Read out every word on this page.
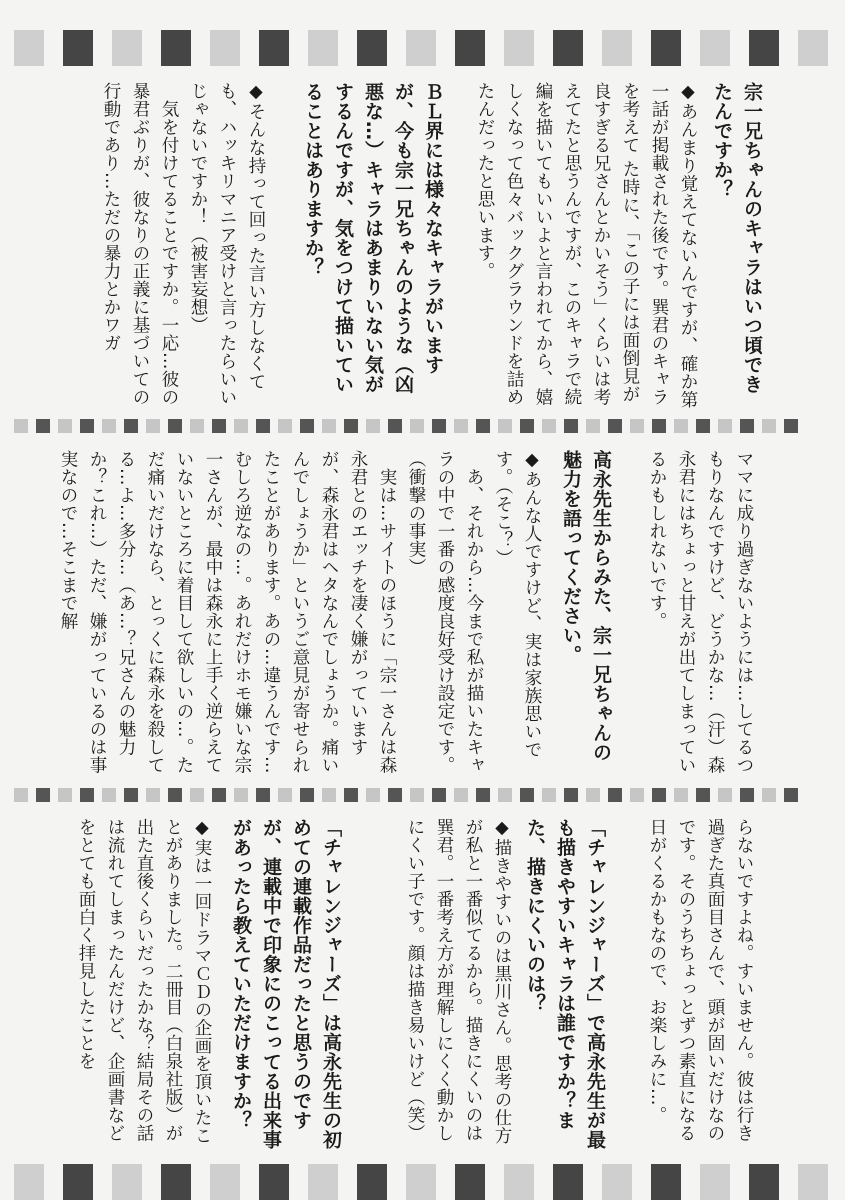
宗一兄ちゃんのキャラはいつ頃できたんですか？
◆あんまり覚えてないんですが、確か第一話が掲載された後です。巽君のキャラを考えて た時に、「この子には面倒見が良すぎる兄さんとかいそう」くらいは考えてたと思うんですが、このキャラで続編を描いてもいいよと言われてから、嬉しくなって色々バックグラウンドを詰めたんだったと思います。
ＢＬ界には様々なキャラがいますが、今も宗一兄ちゃんのような（凶悪な…）キャラはあまりいない気がするんですが、気をつけて描いていることはありますか？
◆そんな持って回った言い方しなくても、ハッキリマニア受けと言ったらいいじゃないですか！（被害妄想）
　気を付けてることですか。一応…彼の暴君ぶりが、彼なりの正義に基づいての行動であり…ただの暴力とかワガ
ママに成り過ぎないようには…してるつもりなんですけど、どうかな…（汗）森永君にはちょっと甘えが出てしまっているかもしれないです。
高永先生からみた、宗一兄ちゃんの魅力を語ってください。
◆あんな人ですけど、実は家族思いです。（そこ？）
　あ、それから…今まで私が描いたキャラの中で一番の感度良好受け設定です。（衝撃の事実）
　実は…サイトのほうに「宗一さんは森永君とのエッチを凄く嫌がっていますが、森永君はヘタなんでしょうか。痛いんでしょうか」というご意見が寄せられたことがあります。あの…違うんです…むしろ逆なの…。あれだけホモ嫌いな宗一さんが、最中は森永に上手く逆らえていないところに着目して欲しいの…。ただ痛いだけなら、とっくに森永を殺してる…よ…多分…（あ…？兄さんの魅力か？これ…）ただ、嫌がっているのは事実なので…そこまで解
らないですよね。すいません。彼は行き過ぎた真面目さんで、頭が固いだけなのです。そのうちちょっとずつ素直になる日がくるかもなので、お楽しみに…。
「チャレンジャーズ」で高永先生が最も描きやすいキャラは誰ですか？また、描きにくいのは？
◆描きやすいのは黒川さん。思考の仕方が私と一番似てるから。描きにくいのは巽君。一番考え方が理解しにくく動かしにくい子です。顔は描き易いけど（笑）
「チャレンジャーズ」は高永先生の初めての連載作品だったと思うのですが、連載中で印象にのこってる出来事があったら教えていただけますか？
◆実は一回ドラマＣＤの企画を頂いたことがありました。二冊目（白泉社版）が出た直後くらいだったかな？結局その話は流れてしまったんだけど、企画書などをとても面白く拝見したことを
